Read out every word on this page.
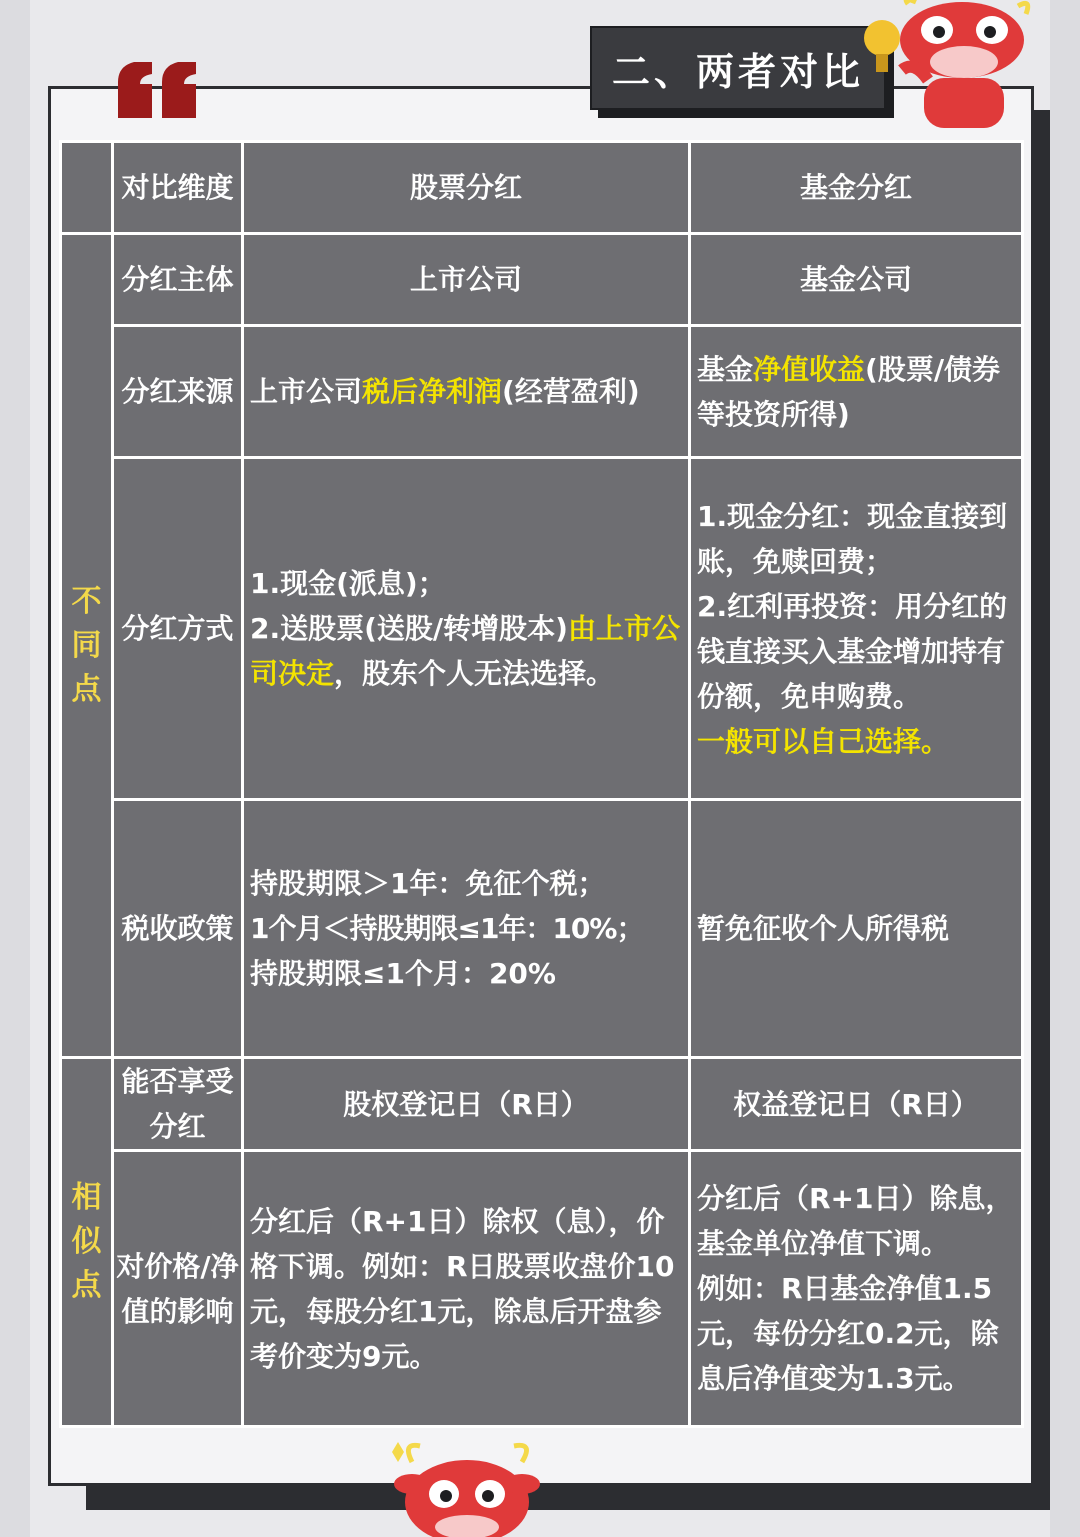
二、两者对比
	对比维度	股票分红	基金分红
不同点	分红主体	上市公司	基金公司
	分红来源	上市公司税后净利润(经营盈利)	基金净值收益(股票/债券等投资所得)
	分红方式	1.现金(派息)；
2.送股票(送股/转增股本)由上市公司决定，股东个人无法选择。	1.现金分红：现金直接到账，免赎回费；
2.红利再投资：用分红的钱直接买入基金增加持有份额，免申购费。
一般可以自己选择。

	税收政策	持股期限＞1年：免征个税；
1个月＜持股期限≤1年：10%；
持股期限≤1个月：20%	暂免征收个人所得税
相似点	能否享受分红	股权登记日（R日）	权益登记日（R日）
	对价格/净值的影响	分红后（R+1日）除权（息），价格下调。例如：R日股票收盘价10元，每股分红1元，除息后开盘参考价变为9元。	分红后（R+1日）除息，基金单位净值下调。
例如：R日基金净值1.5元，每份分红0.2元，除息后净值变为1.3元。
